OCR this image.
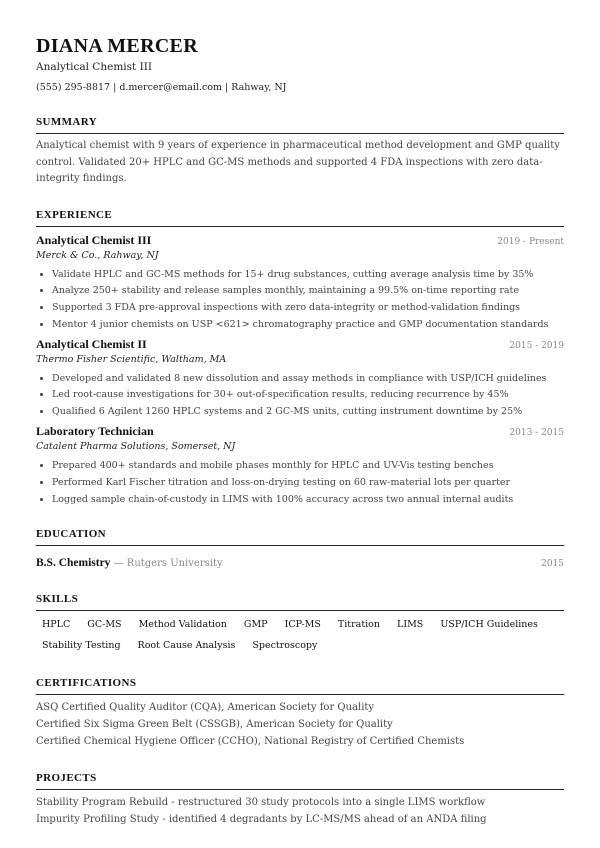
DIANA MERCER
Analytical Chemist III
(555) 295-8817 | d.mercer@email.com | Rahway, NJ
SUMMARY
Analytical chemist with 9 years of experience in pharmaceutical method development and GMP quality control. Validated 20+ HPLC and GC-MS methods and supported 4 FDA inspections with zero data-integrity findings.
EXPERIENCE
Analytical Chemist III	2019 - Present
Merck & Co., Rahway, NJ
• Validate HPLC and GC-MS methods for 15+ drug substances, cutting average analysis time by 35%
• Analyze 250+ stability and release samples monthly, maintaining a 99.5% on-time reporting rate
• Supported 3 FDA pre-approval inspections with zero data-integrity or method-validation findings
• Mentor 4 junior chemists on USP <621> chromatography practice and GMP documentation standards
Analytical Chemist II	2015 - 2019
Thermo Fisher Scientific, Waltham, MA
• Developed and validated 8 new dissolution and assay methods in compliance with USP/ICH guidelines
• Led root-cause investigations for 30+ out-of-specification results, reducing recurrence by 45%
• Qualified 6 Agilent 1260 HPLC systems and 2 GC-MS units, cutting instrument downtime by 25%
Laboratory Technician	2013 - 2015
Catalent Pharma Solutions, Somerset, NJ
• Prepared 400+ standards and mobile phases monthly for HPLC and UV-Vis testing benches
• Performed Karl Fischer titration and loss-on-drying testing on 60 raw-material lots per quarter
• Logged sample chain-of-custody in LIMS with 100% accuracy across two annual internal audits
EDUCATION
B.S. Chemistry — Rutgers University	2015
SKILLS
HPLC GC-MS Method Validation GMP ICP-MS Titration LIMS USP/ICH Guidelines
Stability Testing Root Cause Analysis Spectroscopy
CERTIFICATIONS
ASQ Certified Quality Auditor (CQA), American Society for Quality
Certified Six Sigma Green Belt (CSSGB), American Society for Quality
Certified Chemical Hygiene Officer (CCHO), National Registry of Certified Chemists
PROJECTS
Stability Program Rebuild - restructured 30 study protocols into a single LIMS workflow
Impurity Profiling Study - identified 4 degradants by LC-MS/MS ahead of an ANDA filing
